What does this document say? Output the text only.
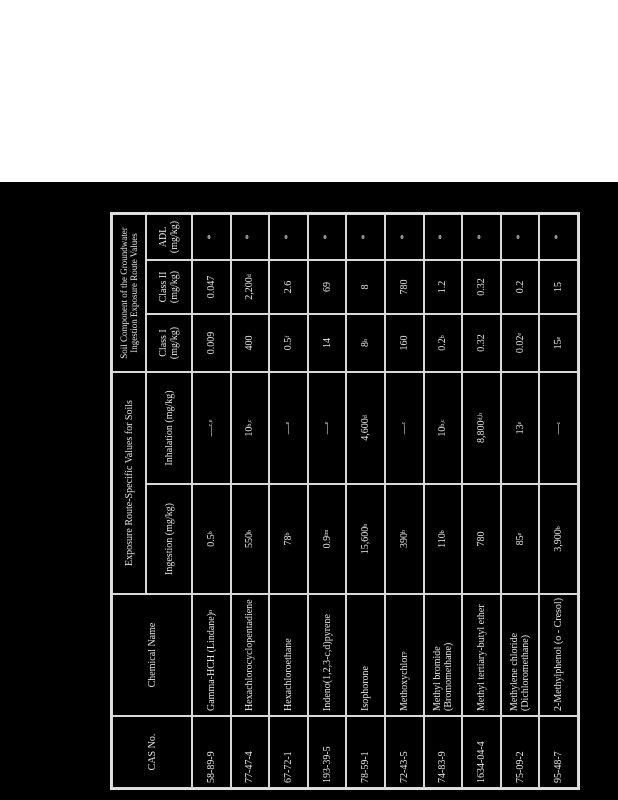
CAS No.
Chemical Name
Exposure Route-Specific Values for Soils
Soil Component of the Groundwater Ingestion Exposure Route Values
Ingestion (mg/kg)
Inhalation (mg/kg)
Class I (mg/kg)
Class II (mg/kg)
ADL (mg/kg)
58-89-9
Gamma-HCH (Lindane)
n
0.5
b
—
c,e
0.009
0.047
*
77-47-4
Hexachlorocyclopentadiene
550
b
10
b,c
400
2,200
d
*
67-72-1
Hexachloroethane
78
b
—
e
0.5
f
2.6
*
193-39-5
Indeno(1,2,3-c,d)pyrene
0.9
im
—
e
14
69
*
78-59-1
Isophorone
15,600
b
4,600
d
8
b
8
*
72-43-5
Methoxychlor
p
390
b
—
c
160
780
*
74-83-9
Methyl bromide (Bromomethane)
110
b
10
b,c
0.2
b
1.2
*
1634-04-4
Methyl tertiary-butyl ether
780
8,800
d,h
0.32
0.32
*
75-09-2
Methylene chloride (Dichloromethane)
85
e
13
e
0.02
e
0.2
*
95-48-7
2-Methylphenol (o - Cresol)
3,900
b
—
c
15
e
15
*
